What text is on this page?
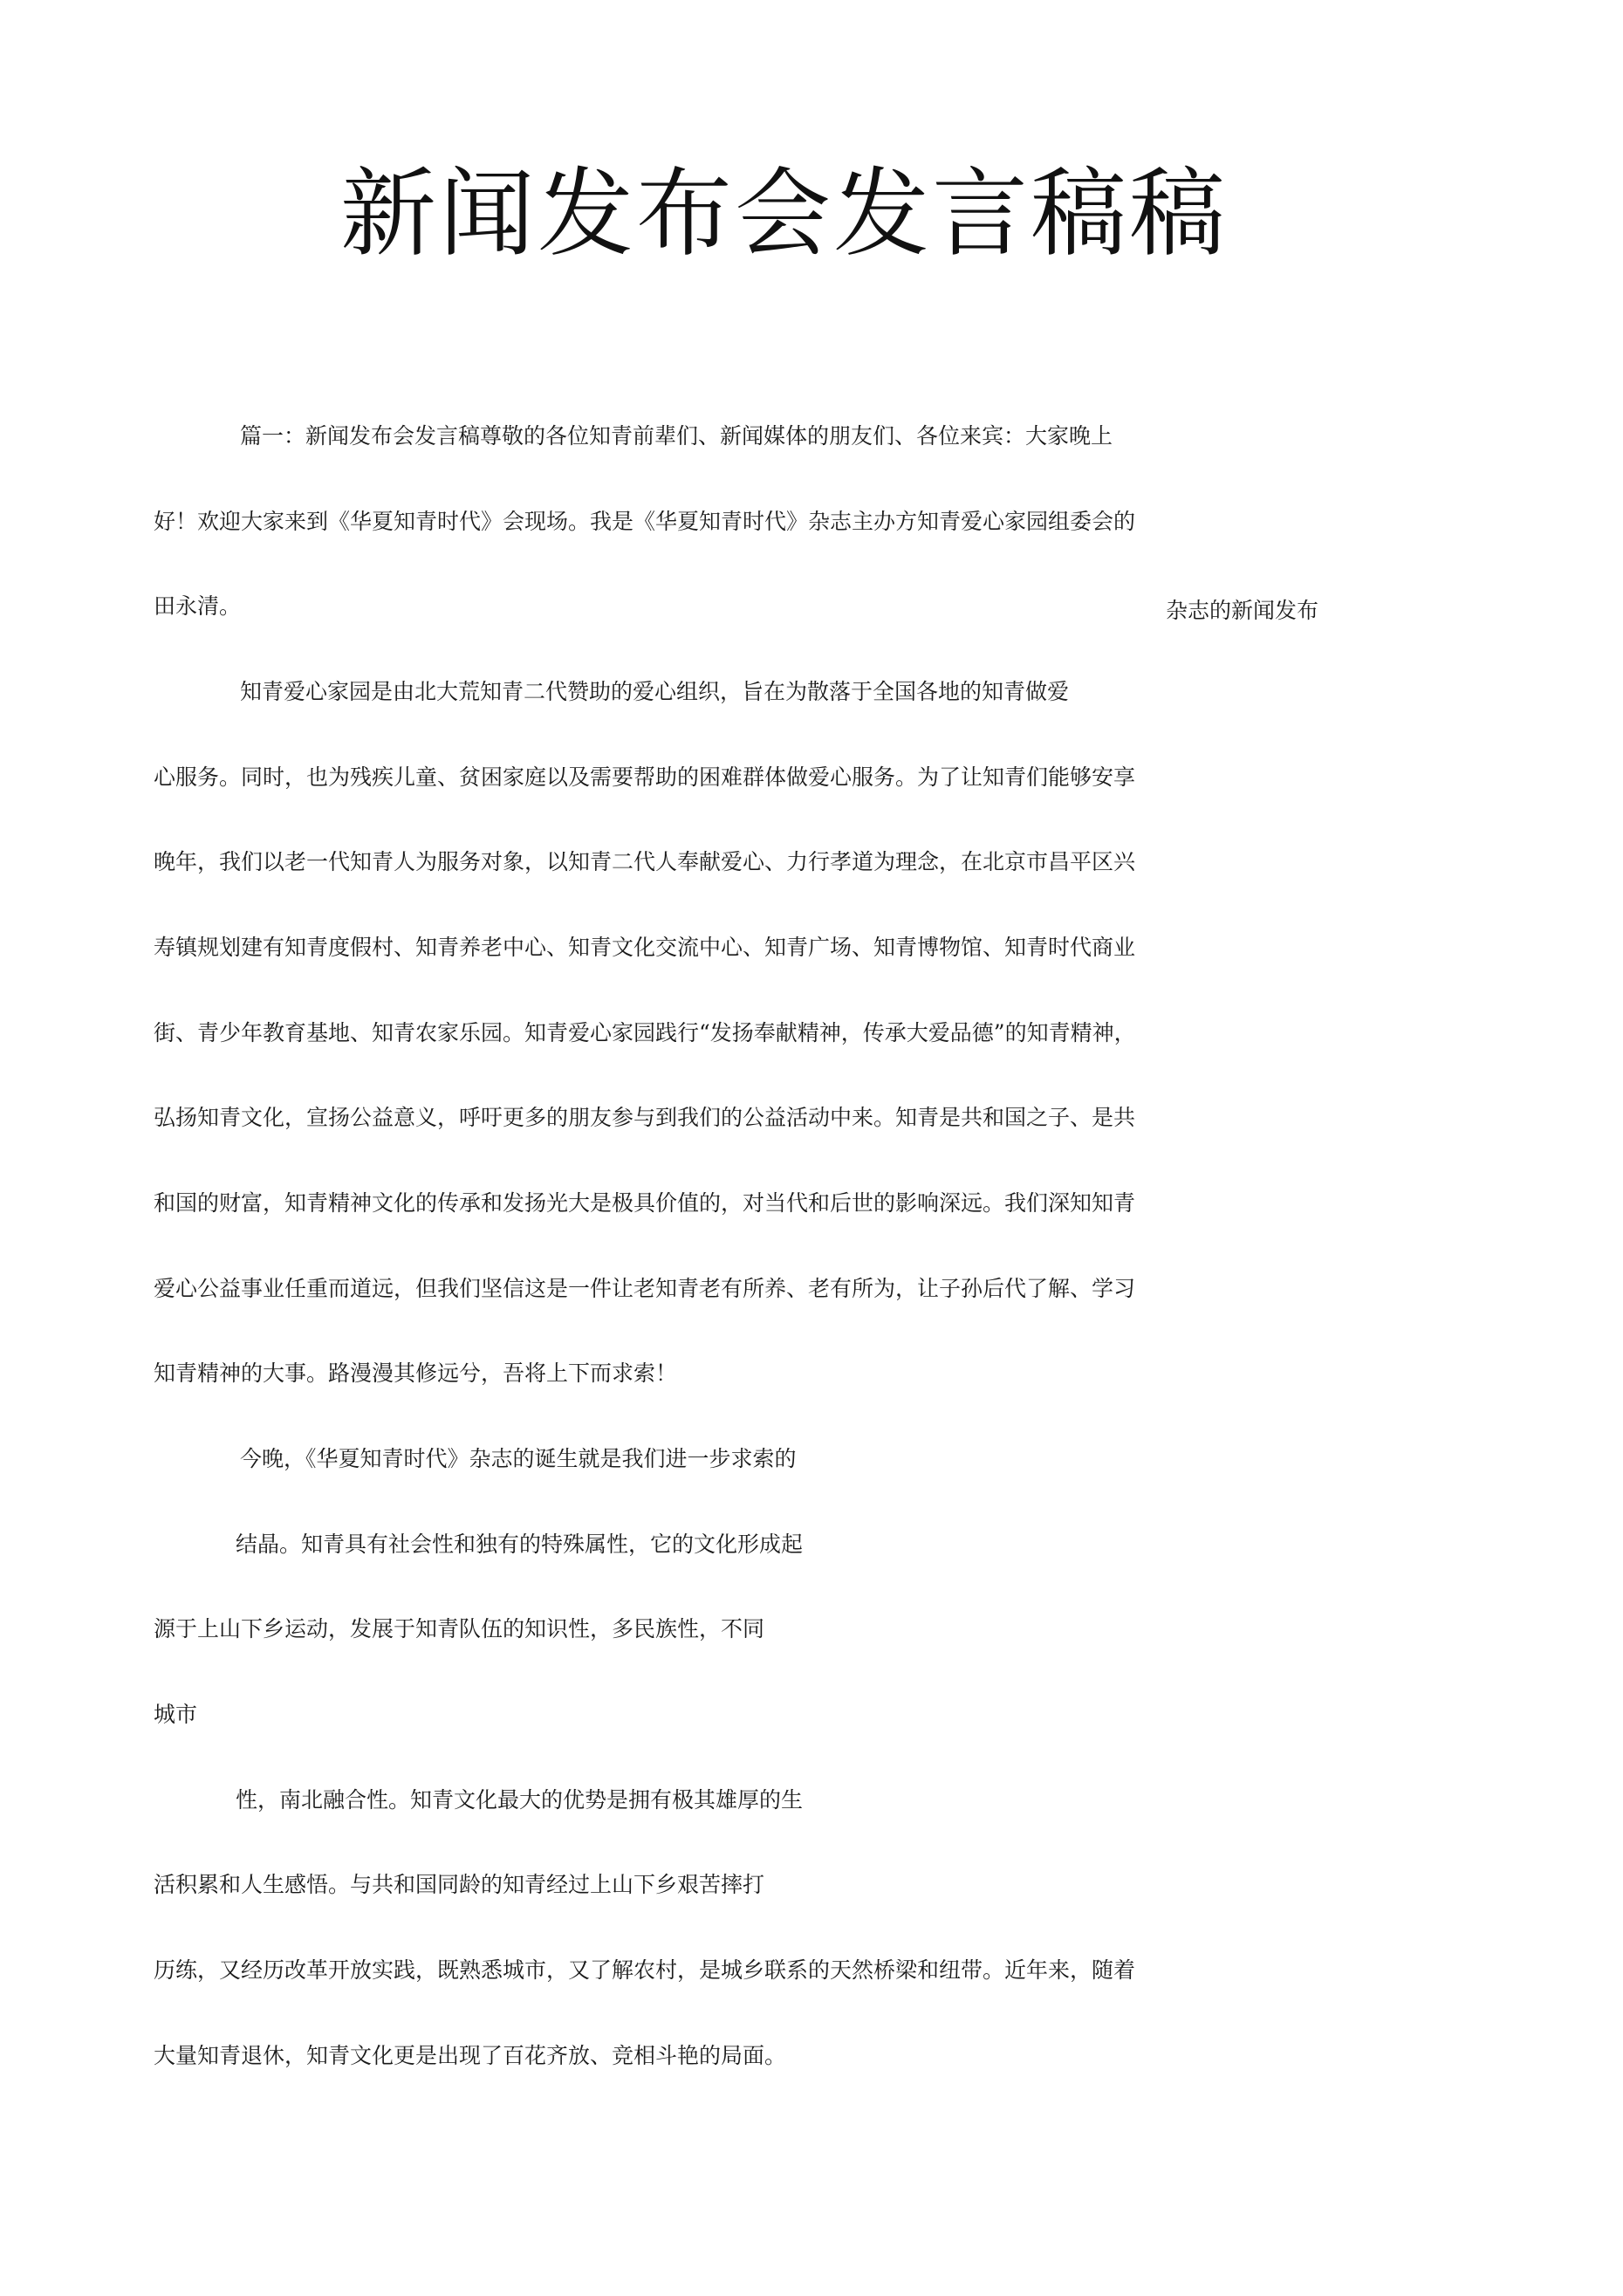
新闻发布会发言稿稿
杂志的新闻发布
篇一：新闻发布会发言稿尊敬的各位知青前辈们、新闻媒体的朋友们、各位来宾：大家晚上
好！欢迎大家来到《华夏知青时代》会现场。我是《华夏知青时代》杂志主办方知青爱心家园组委会的
田永清。
知青爱心家园是由北大荒知青二代赞助的爱心组织，旨在为散落于全国各地的知青做爱
心服务。同时，也为残疾儿童、贫困家庭以及需要帮助的困难群体做爱心服务。为了让知青们能够安享
晚年，我们以老一代知青人为服务对象，以知青二代人奉献爱心、力行孝道为理念，在北京市昌平区兴
寿镇规划建有知青度假村、知青养老中心、知青文化交流中心、知青广场、知青博物馆、知青时代商业
街、青少年教育基地、知青农家乐园。知青爱心家园践行“发扬奉献精神，传承大爱品德”的知青精神，
弘扬知青文化，宣扬公益意义，呼吁更多的朋友参与到我们的公益活动中来。知青是共和国之子、是共
和国的财富，知青精神文化的传承和发扬光大是极具价值的，对当代和后世的影响深远。我们深知知青
爱心公益事业任重而道远，但我们坚信这是一件让老知青老有所养、老有所为，让子孙后代了解、学习
知青精神的大事。路漫漫其修远兮，吾将上下而求索！
今晚，《华夏知青时代》杂志的诞生就是我们进一步求索的
结晶。知青具有社会性和独有的特殊属性，它的文化形成起
源于上山下乡运动，发展于知青队伍的知识性，多民族性，不同
城市
性，南北融合性。知青文化最大的优势是拥有极其雄厚的生
活积累和人生感悟。与共和国同龄的知青经过上山下乡艰苦摔打
历练，又经历改革开放实践，既熟悉城市，又了解农村，是城乡联系的天然桥梁和纽带。近年来，随着
大量知青退休，知青文化更是出现了百花齐放、竞相斗艳的局面。
